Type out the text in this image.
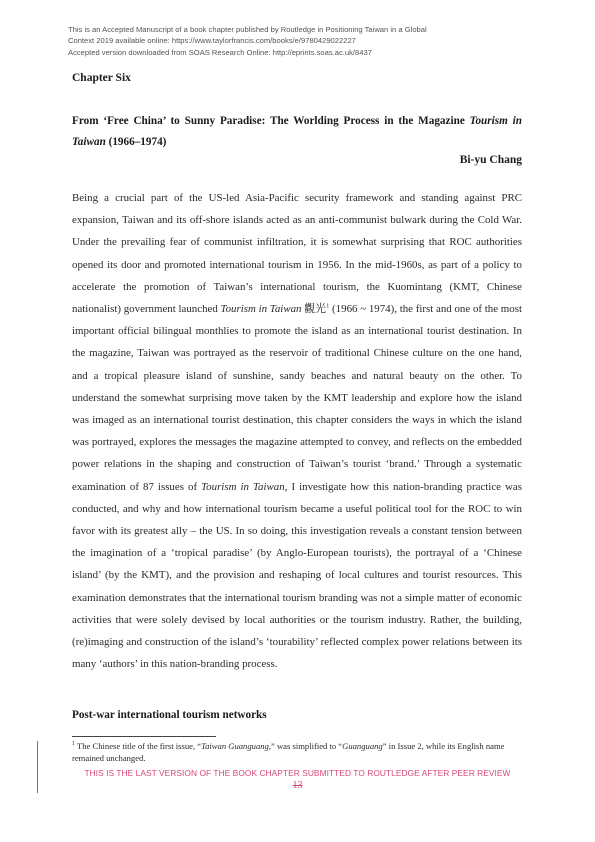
This is an Accepted Manuscript of a book chapter published by Routledge in Positioning Taiwan in a Global
Context 2019 available online: https://www.taylorfrancis.com/books/e/9780429022227
Accepted version downloaded from SOAS Research Online: http://eprints.soas.ac.uk/8437
Chapter Six
From ‘Free China’ to Sunny Paradise: The Worlding Process in the Magazine Tourism in Taiwan (1966–1974)
Bi-yu Chang

Being a crucial part of the US-led Asia-Pacific security framework and standing against PRC expansion, Taiwan and its off-shore islands acted as an anti-communist bulwark during the Cold War. Under the prevailing fear of communist infiltration, it is somewhat surprising that ROC authorities opened its door and promoted international tourism in 1956. In the mid-1960s, as part of a policy to accelerate the promotion of Taiwan’s international tourism, the Kuomintang (KMT, Chinese nationalist) government launched Tourism in Taiwan 觀光$^1$ (1966 ~ 1974), the first and one of the most important official bilingual monthlies to promote the island as an international tourist destination. In the magazine, Taiwan was portrayed as the reservoir of traditional Chinese culture on the one hand, and a tropical pleasure island of sunshine, sandy beaches and natural beauty on the other. To understand the somewhat surprising move taken by the KMT leadership and explore how the island was imaged as an international tourist destination, this chapter considers the ways in which the island was portrayed, explores the messages the magazine attempted to convey, and reflects on the embedded power relations in the shaping and construction of Taiwan’s tourist ‘brand.’ Through a systematic examination of 87 issues of Tourism in Taiwan, I investigate how this nation-branding practice was conducted, and why and how international tourism became a useful political tool for the ROC to win favor with its greatest ally – the US. In so doing, this investigation reveals a constant tension between the imagination of a ‘tropical paradise’ (by Anglo-European tourists), the portrayal of a ‘Chinese island’ (by the KMT), and the provision and reshaping of local cultures and tourist resources. This examination demonstrates that the international tourism branding was not a simple matter of economic activities that were solely devised by local authorities or the tourism industry. Rather, the building, (re)imaging and construction of the island’s ‘tourability’ reflected complex power relations between its many ‘authors’ in this nation-branding process.

Post-war international tourism networks
$^1$ The Chinese title of the first issue, “Taiwan Guanguang,” was simplified to “Guanguang” in Issue 2, while its English name remained unchanged.
THIS IS THE LAST VERSION OF THE BOOK CHAPTER SUBMITTED TO ROUTLEDGE AFTER PEER REVIEW
13
